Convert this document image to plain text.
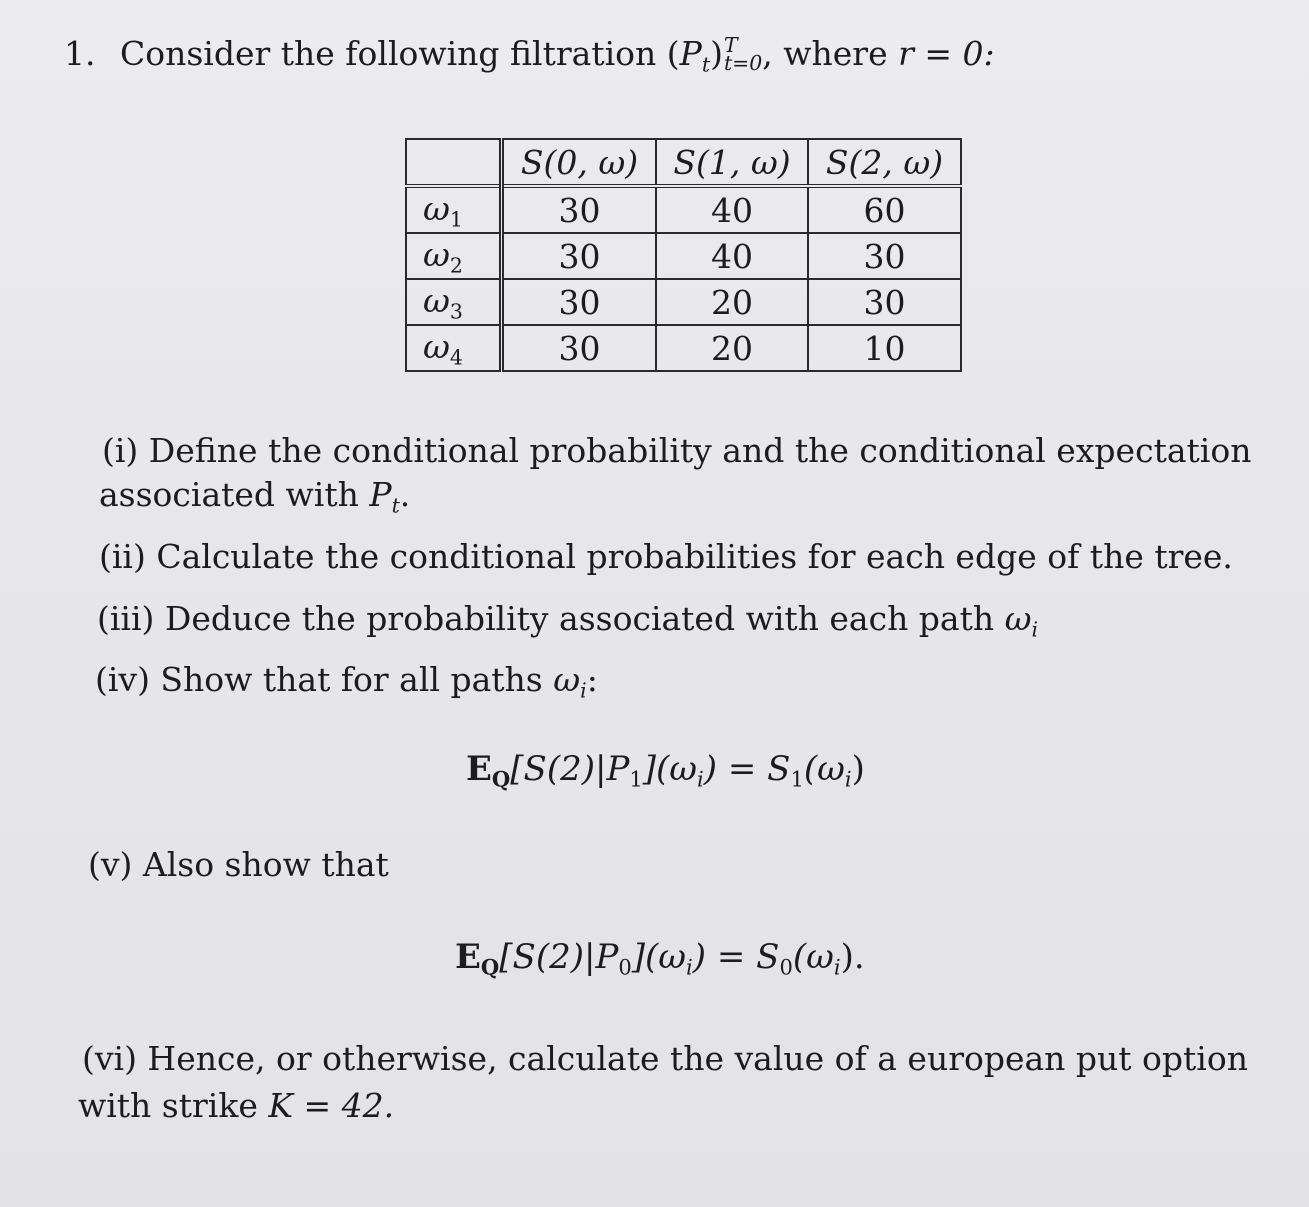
1. Consider the following filtration $(P_t)$ T
t=0 , where r = 0:
	S(0, ω)	S(1, ω)	S(2, ω)
$\omega_1$	30	40	60
$\omega_2$	30	40	30
$\omega_3$	30	20	30
$\omega_4$	30	20	10
(i) Define the conditional probability and the conditional expectation
associated with $P_t$.
(ii) Calculate the conditional probabilities for each edge of the tree.
(iii) Deduce the probability associated with each path $\omega_i$
(iv) Show that for all paths $\omega_i$:
$E_Q[S(2)|P_1](\omega_i) = S_1(\omega_i)$
(v) Also show that
$E_Q[S(2)|P_0](\omega_i) = S_0(\omega_i)$.
(vi) Hence, or otherwise, calculate the value of a european put option
with strike K = 42.
